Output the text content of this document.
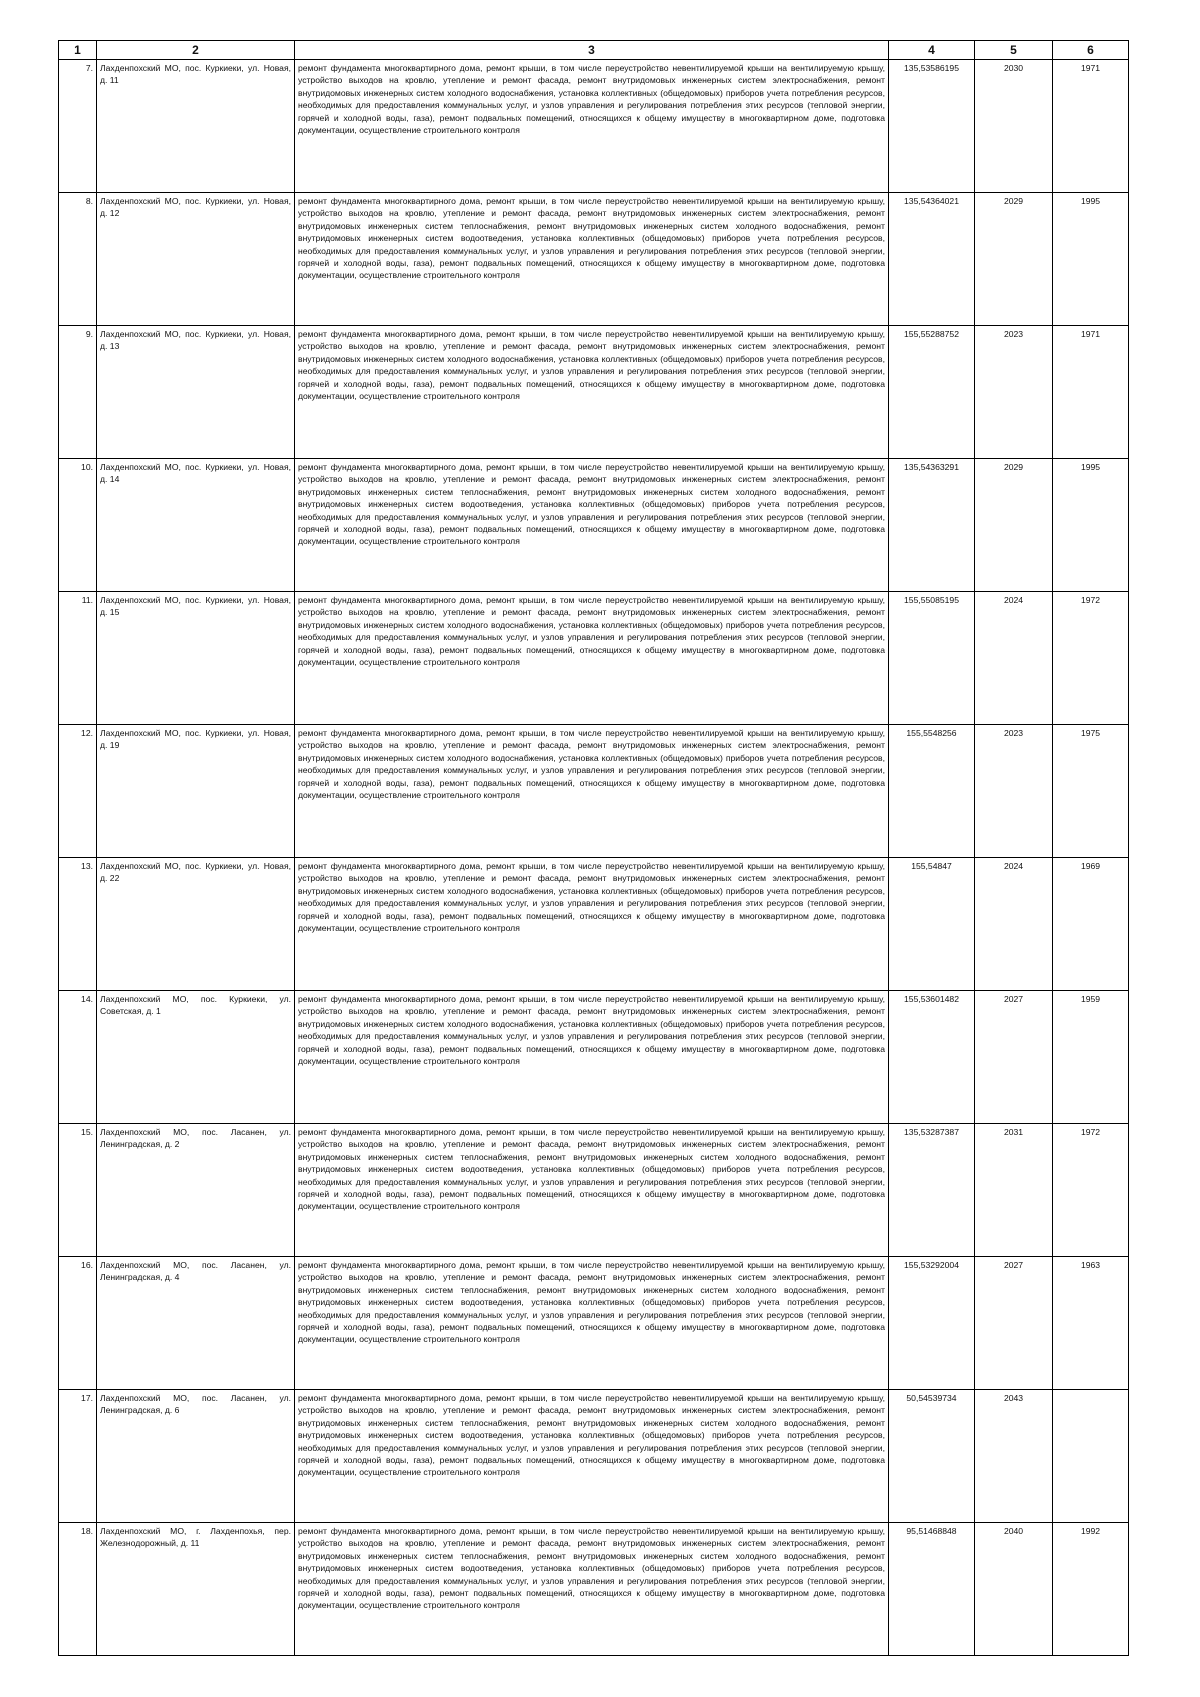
1	2	3	4	5	6
7.	Лахденпохский МО, пос. Куркиеки, ул. Новая, д. 11	ремонт фундамента многоквартирного дома, ремонт крыши, в том числе переустройство невентилируемой крыши на вентилируемую крышу, устройство выходов на кровлю, утепление и ремонт фасада, ремонт внутридомовых инженерных систем электроснабжения, ремонт внутридомовых инженерных систем холодного водоснабжения, установка коллективных (общедомовых) приборов учета потребления ресурсов, необходимых для предоставления коммунальных услуг, и узлов управления и регулирования потребления этих ресурсов (тепловой энергии, горячей и холодной воды, газа), ремонт подвальных помещений, относящихся к общему имуществу в многоквартирном доме, подготовка документации, осуществление строительного контроля	135,53586195	2030	1971
8.	Лахденпохский МО, пос. Куркиеки, ул. Новая, д. 12	ремонт фундамента многоквартирного дома, ремонт крыши, в том числе переустройство невентилируемой крыши на вентилируемую крышу, устройство выходов на кровлю, утепление и ремонт фасада, ремонт внутридомовых инженерных систем электроснабжения, ремонт внутридомовых инженерных систем теплоснабжения, ремонт внутридомовых инженерных систем холодного водоснабжения, ремонт внутридомовых инженерных систем водоотведения, установка коллективных (общедомовых) приборов учета потребления ресурсов, необходимых для предоставления коммунальных услуг, и узлов управления и регулирования потребления этих ресурсов (тепловой энергии, горячей и холодной воды, газа), ремонт подвальных помещений, относящихся к общему имуществу в многоквартирном доме, подготовка документации, осуществление строительного контроля	135,54364021	2029	1995
9.	Лахденпохский МО, пос. Куркиеки, ул. Новая, д. 13	ремонт фундамента многоквартирного дома, ремонт крыши, в том числе переустройство невентилируемой крыши на вентилируемую крышу, устройство выходов на кровлю, утепление и ремонт фасада, ремонт внутридомовых инженерных систем электроснабжения, ремонт внутридомовых инженерных систем холодного водоснабжения, установка коллективных (общедомовых) приборов учета потребления ресурсов, необходимых для предоставления коммунальных услуг, и узлов управления и регулирования потребления этих ресурсов (тепловой энергии, горячей и холодной воды, газа), ремонт подвальных помещений, относящихся к общему имуществу в многоквартирном доме, подготовка документации, осуществление строительного контроля	155,55288752	2023	1971
10.	Лахденпохский МО, пос. Куркиеки, ул. Новая, д. 14	ремонт фундамента многоквартирного дома, ремонт крыши, в том числе переустройство невентилируемой крыши на вентилируемую крышу, устройство выходов на кровлю, утепление и ремонт фасада, ремонт внутридомовых инженерных систем электроснабжения, ремонт внутридомовых инженерных систем теплоснабжения, ремонт внутридомовых инженерных систем холодного водоснабжения, ремонт внутридомовых инженерных систем водоотведения, установка коллективных (общедомовых) приборов учета потребления ресурсов, необходимых для предоставления коммунальных услуг, и узлов управления и регулирования потребления этих ресурсов (тепловой энергии, горячей и холодной воды, газа), ремонт подвальных помещений, относящихся к общему имуществу в многоквартирном доме, подготовка документации, осуществление строительного контроля	135,54363291	2029	1995
11.	Лахденпохский МО, пос. Куркиеки, ул. Новая, д. 15	ремонт фундамента многоквартирного дома, ремонт крыши, в том числе переустройство невентилируемой крыши на вентилируемую крышу, устройство выходов на кровлю, утепление и ремонт фасада, ремонт внутридомовых инженерных систем электроснабжения, ремонт внутридомовых инженерных систем холодного водоснабжения, установка коллективных (общедомовых) приборов учета потребления ресурсов, необходимых для предоставления коммунальных услуг, и узлов управления и регулирования потребления этих ресурсов (тепловой энергии, горячей и холодной воды, газа), ремонт подвальных помещений, относящихся к общему имуществу в многоквартирном доме, подготовка документации, осуществление строительного контроля	155,55085195	2024	1972
12.	Лахденпохский МО, пос. Куркиеки, ул. Новая, д. 19	ремонт фундамента многоквартирного дома, ремонт крыши, в том числе переустройство невентилируемой крыши на вентилируемую крышу, устройство выходов на кровлю, утепление и ремонт фасада, ремонт внутридомовых инженерных систем электроснабжения, ремонт внутридомовых инженерных систем холодного водоснабжения, установка коллективных (общедомовых) приборов учета потребления ресурсов, необходимых для предоставления коммунальных услуг, и узлов управления и регулирования потребления этих ресурсов (тепловой энергии, горячей и холодной воды, газа), ремонт подвальных помещений, относящихся к общему имуществу в многоквартирном доме, подготовка документации, осуществление строительного контроля	155,5548256	2023	1975
13.	Лахденпохский МО, пос. Куркиеки, ул. Новая, д. 22	ремонт фундамента многоквартирного дома, ремонт крыши, в том числе переустройство невентилируемой крыши на вентилируемую крышу, устройство выходов на кровлю, утепление и ремонт фасада, ремонт внутридомовых инженерных систем электроснабжения, ремонт внутридомовых инженерных систем холодного водоснабжения, установка коллективных (общедомовых) приборов учета потребления ресурсов, необходимых для предоставления коммунальных услуг, и узлов управления и регулирования потребления этих ресурсов (тепловой энергии, горячей и холодной воды, газа), ремонт подвальных помещений, относящихся к общему имуществу в многоквартирном доме, подготовка документации, осуществление строительного контроля	155,54847	2024	1969
14.	Лахденпохский МО, пос. Куркиеки, ул. Советская, д. 1	ремонт фундамента многоквартирного дома, ремонт крыши, в том числе переустройство невентилируемой крыши на вентилируемую крышу, устройство выходов на кровлю, утепление и ремонт фасада, ремонт внутридомовых инженерных систем электроснабжения, ремонт внутридомовых инженерных систем холодного водоснабжения, установка коллективных (общедомовых) приборов учета потребления ресурсов, необходимых для предоставления коммунальных услуг, и узлов управления и регулирования потребления этих ресурсов (тепловой энергии, горячей и холодной воды, газа), ремонт подвальных помещений, относящихся к общему имуществу в многоквартирном доме, подготовка документации, осуществление строительного контроля	155,53601482	2027	1959
15.	Лахденпохский МО, пос. Ласанен, ул. Ленинградская, д. 2	ремонт фундамента многоквартирного дома, ремонт крыши, в том числе переустройство невентилируемой крыши на вентилируемую крышу, устройство выходов на кровлю, утепление и ремонт фасада, ремонт внутридомовых инженерных систем электроснабжения, ремонт внутридомовых инженерных систем теплоснабжения, ремонт внутридомовых инженерных систем холодного водоснабжения, ремонт внутридомовых инженерных систем водоотведения, установка коллективных (общедомовых) приборов учета потребления ресурсов, необходимых для предоставления коммунальных услуг, и узлов управления и регулирования потребления этих ресурсов (тепловой энергии, горячей и холодной воды, газа), ремонт подвальных помещений, относящихся к общему имуществу в многоквартирном доме, подготовка документации, осуществление строительного контроля	135,53287387	2031	1972
16.	Лахденпохский МО, пос. Ласанен, ул. Ленинградская, д. 4	ремонт фундамента многоквартирного дома, ремонт крыши, в том числе переустройство невентилируемой крыши на вентилируемую крышу, устройство выходов на кровлю, утепление и ремонт фасада, ремонт внутридомовых инженерных систем электроснабжения, ремонт внутридомовых инженерных систем теплоснабжения, ремонт внутридомовых инженерных систем холодного водоснабжения, ремонт внутридомовых инженерных систем водоотведения, установка коллективных (общедомовых) приборов учета потребления ресурсов, необходимых для предоставления коммунальных услуг, и узлов управления и регулирования потребления этих ресурсов (тепловой энергии, горячей и холодной воды, газа), ремонт подвальных помещений, относящихся к общему имуществу в многоквартирном доме, подготовка документации, осуществление строительного контроля	155,53292004	2027	1963
17.	Лахденпохский МО, пос. Ласанен, ул. Ленинградская, д. 6	ремонт фундамента многоквартирного дома, ремонт крыши, в том числе переустройство невентилируемой крыши на вентилируемую крышу, устройство выходов на кровлю, утепление и ремонт фасада, ремонт внутридомовых инженерных систем электроснабжения, ремонт внутридомовых инженерных систем теплоснабжения, ремонт внутридомовых инженерных систем холодного водоснабжения, ремонт внутридомовых инженерных систем водоотведения, установка коллективных (общедомовых) приборов учета потребления ресурсов, необходимых для предоставления коммунальных услуг, и узлов управления и регулирования потребления этих ресурсов (тепловой энергии, горячей и холодной воды, газа), ремонт подвальных помещений, относящихся к общему имуществу в многоквартирном доме, подготовка документации, осуществление строительного контроля	50,54539734	2043	
18.	Лахденпохский МО, г. Лахденпохья, пер. Железнодорожный, д. 11	ремонт фундамента многоквартирного дома, ремонт крыши, в том числе переустройство невентилируемой крыши на вентилируемую крышу, устройство выходов на кровлю, утепление и ремонт фасада, ремонт внутридомовых инженерных систем электроснабжения, ремонт внутридомовых инженерных систем теплоснабжения, ремонт внутридомовых инженерных систем холодного водоснабжения, ремонт внутридомовых инженерных систем водоотведения, установка коллективных (общедомовых) приборов учета потребления ресурсов, необходимых для предоставления коммунальных услуг, и узлов управления и регулирования потребления этих ресурсов (тепловой энергии, горячей и холодной воды, газа), ремонт подвальных помещений, относящихся к общему имуществу в многоквартирном доме, подготовка документации, осуществление строительного контроля	95,51468848	2040	1992
